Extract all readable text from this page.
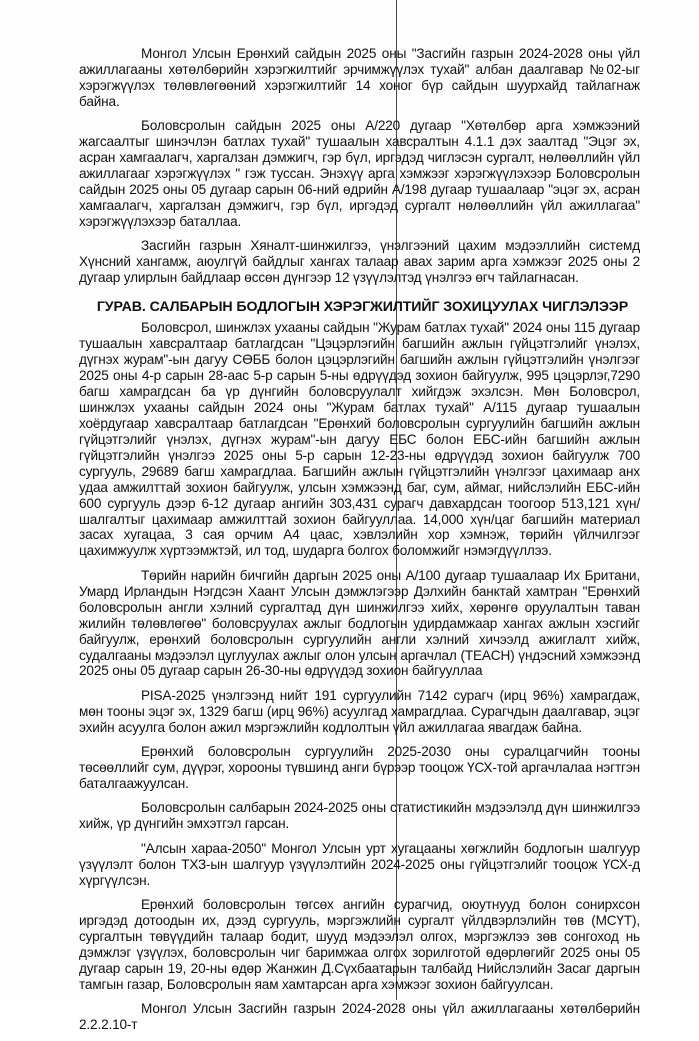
Монгол Улсын Ерөнхий сайдын 2025 оны "Засгийн газрын 2024-2028 оны үйл ажиллагааны хөтөлбөрийн хэрэгжилтийг эрчимжүүлэх тухай" албан даалгавар №02-ыг хэрэгжүүлэх төлөвлөгөөний хэрэгжилтийг 14 хоног бүр сайдын шуурхайд тайлагнаж байна.

Боловсролын сайдын 2025 оны А/220 дугаар "Хөтөлбөр арга хэмжээний жагсаалтыг шинэчлэн батлах тухай" тушаалын хавсралтын 4.1.1 дэх заалтад "Эцэг эх, асран хамгаалагч, харгалзан дэмжигч, гэр бүл, иргэдэд чиглэсэн сургалт, нөлөөллийн үйл ажиллагааг хэрэгжүүлэх " гэж туссан. Энэхүү арга хэмжээг хэрэгжүүлэхээр Боловсролын сайдын 2025 оны 05 дугаар сарын 06-ний өдрийн А/198 дугаар тушаалаар "эцэг эх, асран хамгаалагч, харгалзан дэмжигч, гэр бүл, иргэдэд сургалт нөлөөллийн үйл ажиллагаа" хэрэгжүүлэхээр баталлаа.

Засгийн газрын Хяналт-шинжилгээ, үнэлгээний цахим мэдээллийн системд Хүнсний хангамж, аюулгүй байдлыг хангах талаар авах зарим арга хэмжээг 2025 оны 2 дугаар улирлын байдлаар өссөн дүнгээр 12 үзүүлэлтэд үнэлгээ өгч тайлагнасан.

ГУРАВ. САЛБАРЫН БОДЛОГЫН ХЭРЭГЖИЛТИЙГ ЗОХИЦУУЛАХ ЧИГЛЭЛЭЭР

Боловсрол, шинжлэх ухааны сайдын "Журам батлах тухай" 2024 оны 115 дугаар тушаалын хавсралтаар батлагдсан "Цэцэрлэгийн багшийн ажлын гүйцэтгэлийг үнэлэх, дүгнэх журам"-ын дагуу СӨББ болон цэцэрлэгийн багшийн ажлын гүйцэтгэлийн үнэлгээг 2025 оны 4-р сарын 28-аас 5-р сарын 5-ны өдрүүдэд зохион байгуулж, 995 цэцэрлэг,7290 багш хамрагдсан ба үр дүнгийн боловсруулалт хийгдэж эхэлсэн. Мөн Боловсрол, шинжлэх ухааны сайдын 2024 оны "Журам батлах тухай" А/115 дугаар тушаалын хоёрдугаар хавсралтаар батлагдсан "Ерөнхий боловсролын сургуулийн багшийн ажлын гүйцэтгэлийг үнэлэх, дүгнэх журам"-ын дагуу ЕБС болон ЕБС-ийн багшийн ажлын гүйцэтгэлийн үнэлгээ 2025 оны 5-р сарын 12-23-ны өдрүүдэд зохион байгуулж 700 сургууль, 29689 багш хамрагдлаа. Багшийн ажлын гүйцэтгэлийн үнэлгээг цахимаар анх удаа амжилттай зохион байгуулж, улсын хэмжээнд баг, сум, аймаг, нийслэлийн ЕБС-ийн 600 сургууль дээр 6-12 дугаар ангийн 303,431 сурагч давхардсан тоогоор 513,121 хүн/шалгалтыг цахимаар амжилттай зохион байгууллаа. 14,000 хүн/цаг багшийн материал засах хугацаа, 3 сая орчим А4 цаас, хэвлэлийн хор хэмнэж, төрийн үйлчилгээг цахимжуулж хүртээмжтэй, ил тод, шударга болгох боломжийг нэмэгдүүллээ.

Төрийн нарийн бичгийн даргын 2025 оны А/100 дугаар тушаалаар Их Британи, Умард Ирландын Нэгдсэн Хаант Улсын дэмжлэгээр Дэлхийн банктай хамтран "Ерөнхий боловсролын англи хэлний сургалтад дүн шинжилгээ хийх, хөрөнгө оруулалтын таван жилийн төлөвлөгөө" боловсруулах ажлыг бодлогын удирдамжаар хангах ажлын хэсгийг байгуулж, ерөнхий боловсролын сургуулийн англи хэлний хичээлд ажиглалт хийж, судалгааны мэдээлэл цуглуулах ажлыг олон улсын аргачлал (TEACH) үндэсний хэмжээнд 2025 оны 05 дугаар сарын 26-30-ны өдрүүдэд зохион байгууллаа

PISA-2025 үнэлгээнд нийт 191 сургуулийн 7142 сурагч (ирц 96%) хамрагдаж, мөн тооны эцэг эх, 1329 багш (ирц 96%) асуулгад хамрагдлаа. Сурагчдын даалгавар, эцэг эхийн асуулга болон ажил мэргэжлийн кодлолтын үйл ажиллагаа явагдаж байна.

Ерөнхий боловсролын сургуулийн 2025-2030 оны суралцагчийн тооны төсөөллийг сум, дүүрэг, хорооны түвшинд анги бүрээр тооцож ҮСХ-той аргачлалаа нэгтгэн баталгаажуулсан.

Боловсролын салбарын 2024-2025 оны статистикийн мэдээлэлд дүн шинжилгээ хийж, үр дүнгийн эмхэтгэл гарсан.

"Алсын хараа-2050" Монгол Улсын урт хугацааны хөгжлийн бодлогын шалгуур үзүүлэлт болон ТХЗ-ын шалгуур үзүүлэлтийн 2024-2025 оны гүйцэтгэлийг тооцож ҮСХ-д хүргүүлсэн.

Ерөнхий боловсролын төгсөх ангийн сурагчид, оюутнууд болон сонирхсон иргэдэд дотоодын их, дээд сургууль, мэргэжлийн сургалт үйлдвэрлэлийн төв (МСҮТ), сургалтын төвүүдийн талаар бодит, шууд мэдээлэл олгох, мэргэжлээ зөв сонгоход нь дэмжлэг үзүүлэх, боловсролын чиг баримжаа олгох зорилготой өдөрлөгийг 2025 оны 05 дугаар сарын 19, 20-ны өдөр Жанжин Д.Сүхбаатарын талбайд Нийслэлийн Засаг даргын тамгын газар, Боловсролын яам хамтарсан арга хэмжээг зохион байгуулсан.

Монгол Улсын Засгийн газрын 2024-2028 оны үйл ажиллагааны хөтөлбөрийн 2.2.2.10-т
